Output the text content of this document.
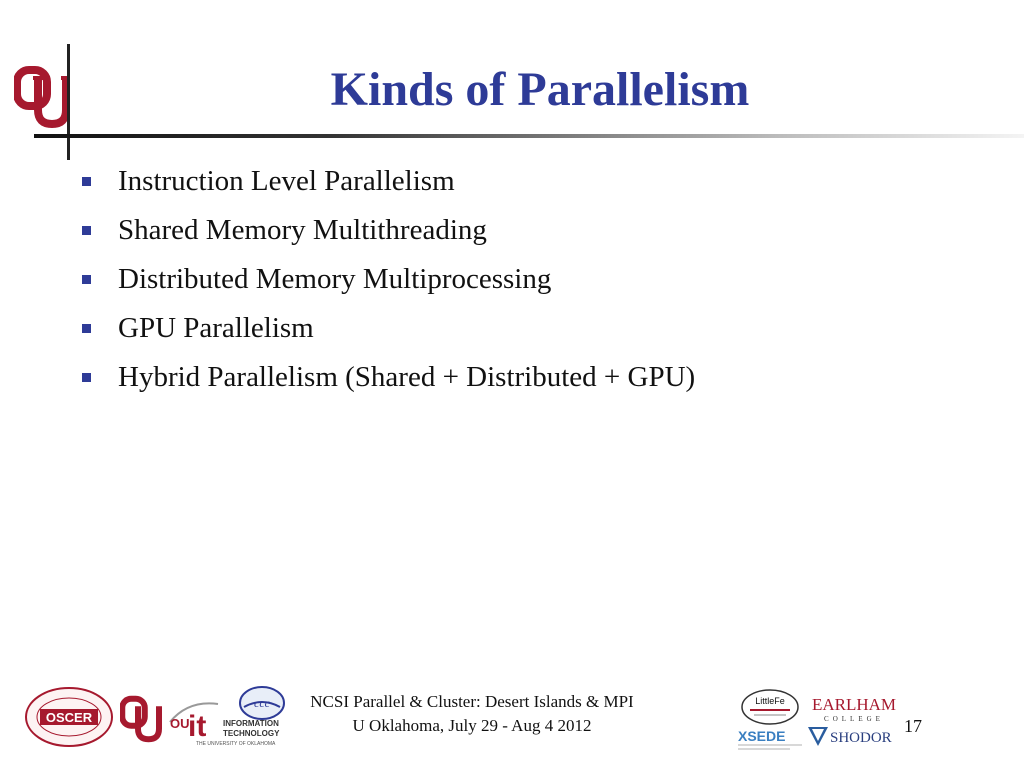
Kinds of Parallelism
Instruction Level Parallelism
Shared Memory Multithreading
Distributed Memory Multiprocessing
GPU Parallelism
Hybrid Parallelism (Shared + Distributed + GPU)
OSCER	OU
it INFORMATION
TECHNOLOGY
THE UNIVERSITY OF OKLAHOMA
ccc	NCSI Parallel & Cluster: Desert Islands & MPI
U Oklahoma, July 29 - Aug 4 2012
LittleFe
XSEDE
EARLHAM
COLLEGE
SHODOR
17
